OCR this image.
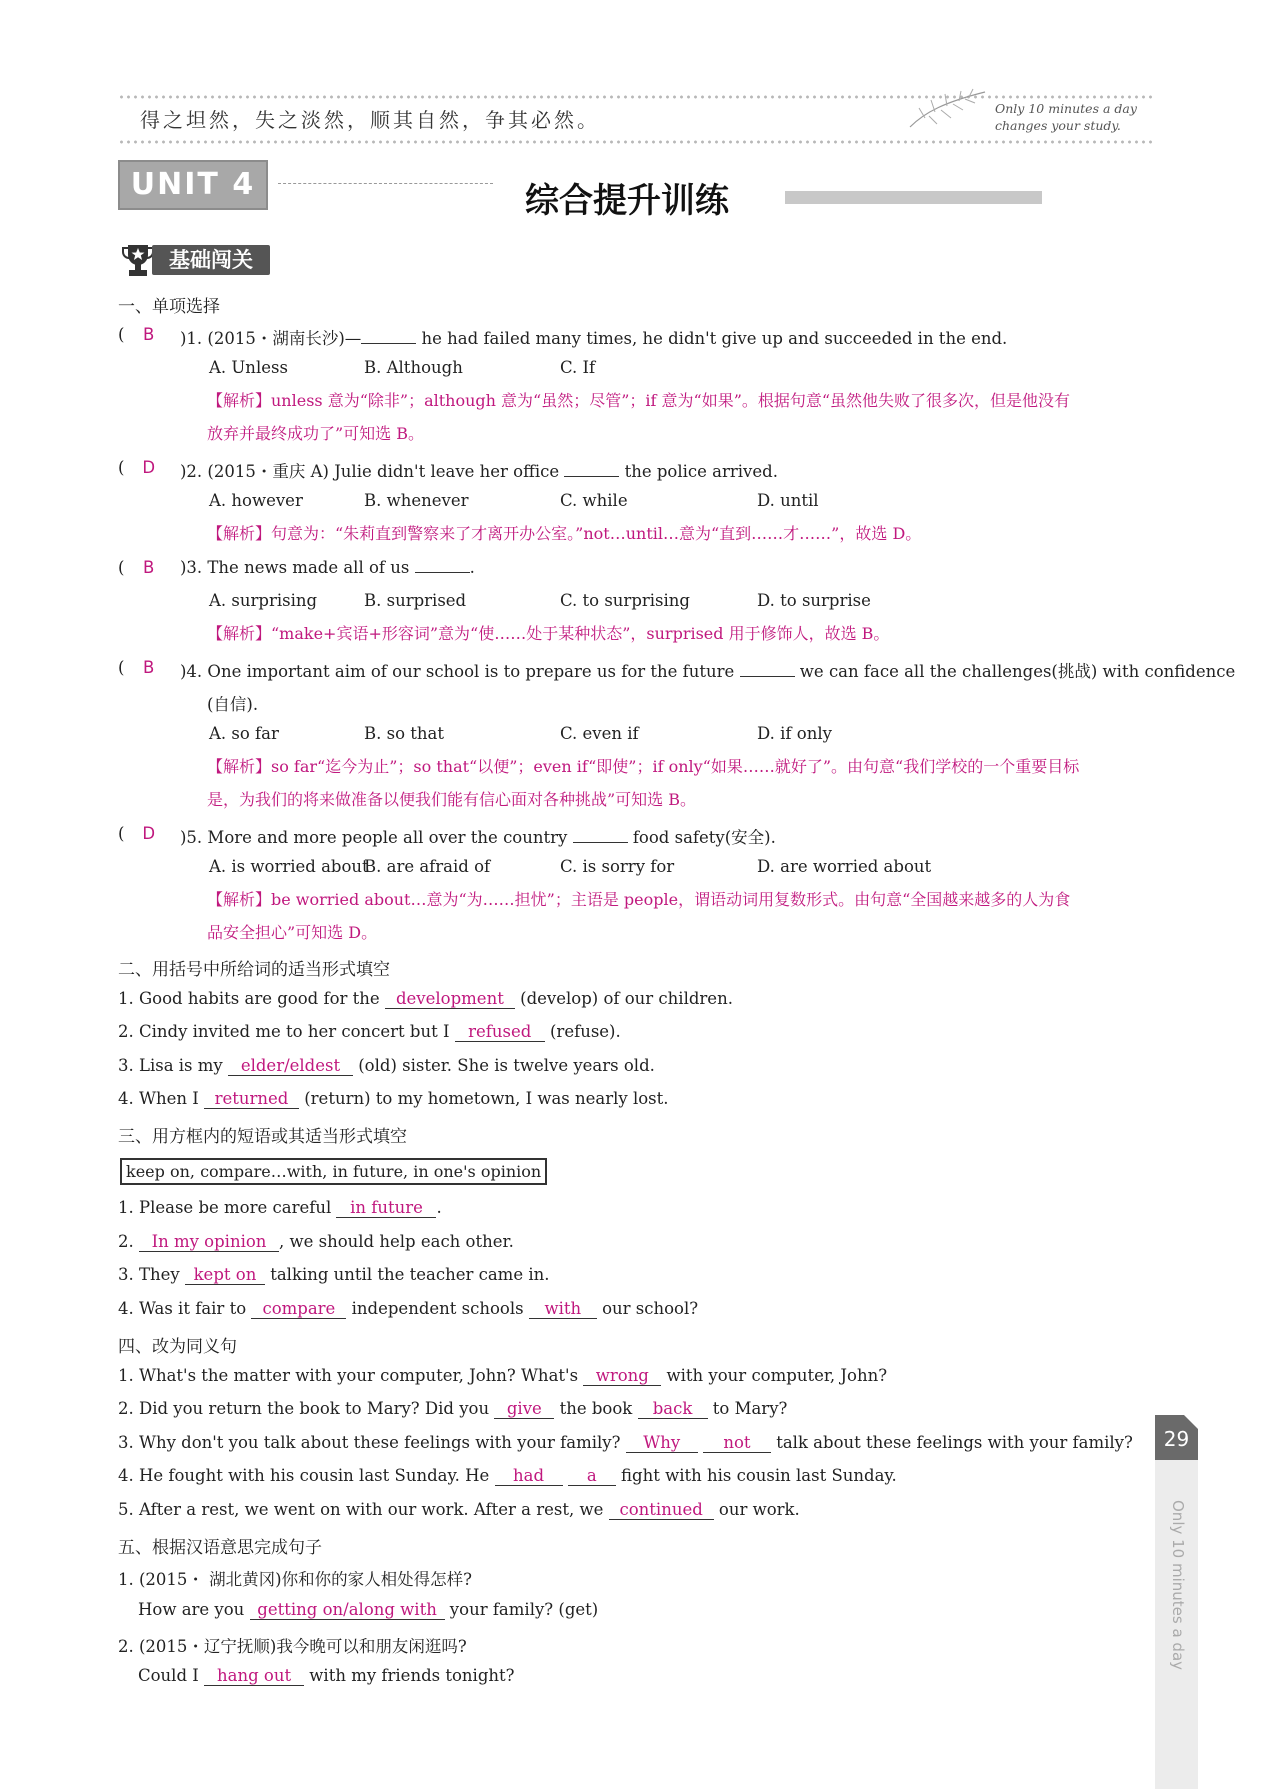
得之坦然，失之淡然，顺其自然，争其必然。	Only 10 minutes a day
changes your study.
UNIT 4	综合提升训练
基础闯关
一、单项选择
( B	)1. (2015・湖南长沙)—	he had failed many times, he didn't give up and succeeded in the end.
A. Unless	B. Although	C. If
【解析】unless 意为“除非”；although 意为“虽然；尽管”；if 意为“如果”。根据句意“虽然他失败了很多次，但是他没有
放弃并最终成功了”可知选 B。
( D	)2. (2015・重庆 A) Julie didn't leave her office	the police arrived.
A. however	B. whenever	C. while	D. until
【解析】句意为：“朱莉直到警察来了才离开办公室。”not…until…意为“直到……才……”，故选 D。
( B	)3. The news made all of us	.
A. surprising	B. surprised	C. to surprising	D. to surprise
【解析】“make+宾语+形容词”意为“使……处于某种状态”，surprised 用于修饰人，故选 B。
( B	)4. One important aim of our school is to prepare us for the future	we can face all the challenges(挑战) with confidence
(自信).
A. so far	B. so that	C. even if	D. if only
【解析】so far“迄今为止”；so that“以便”；even if“即使”；if only“如果……就好了”。由句意“我们学校的一个重要目标
是，为我们的将来做准备以便我们能有信心面对各种挑战”可知选 B。
( D	)5. More and more people all over the country	food safety(安全).
A. is worried about
B. are afraid of	C. is sorry for	D. are worried about
【解析】be worried about…意为“为……担忧”；主语是 people，谓语动词用复数形式。由句意“全国越来越多的人为食
品安全担心”可知选 D。
二、用括号中所给词的适当形式填空
1. Good habits are good for the development (develop) of our children.
2. Cindy invited me to her concert but I refused (refuse).
3. Lisa is my elder/eldest (old) sister. She is twelve years old.
4. When I returned (return) to my hometown, I was nearly lost.
三、用方框内的短语或其适当形式填空
keep on, compare…with, in future, in one's opinion
1. Please be more careful in future .
2. In my opinion , we should help each other.
3. They kept on talking until the teacher came in.
4. Was it fair to compare independent schools with our school?
四、改为同义句
1. What's the matter with your computer, John? What's wrong with your computer, John?
2. Did you return the book to Mary? Did you give the book back to Mary?
3. Why don't you talk about these feelings with your family? Why	not talk about these feelings with your family?
4. He fought with his cousin last Sunday. He had	a fight with his cousin last Sunday.
5. After a rest, we went on with our work. After a rest, we continued our work.
五、根据汉语意思完成句子
1. (2015・ 湖北黄冈)你和你的家人相处得怎样?
How are you getting on/along with your family? (get)
2. (2015・辽宁抚顺)我今晚可以和朋友闲逛吗?
Could I hang out with my friends tonight?
29
Only 10 minutes a day
